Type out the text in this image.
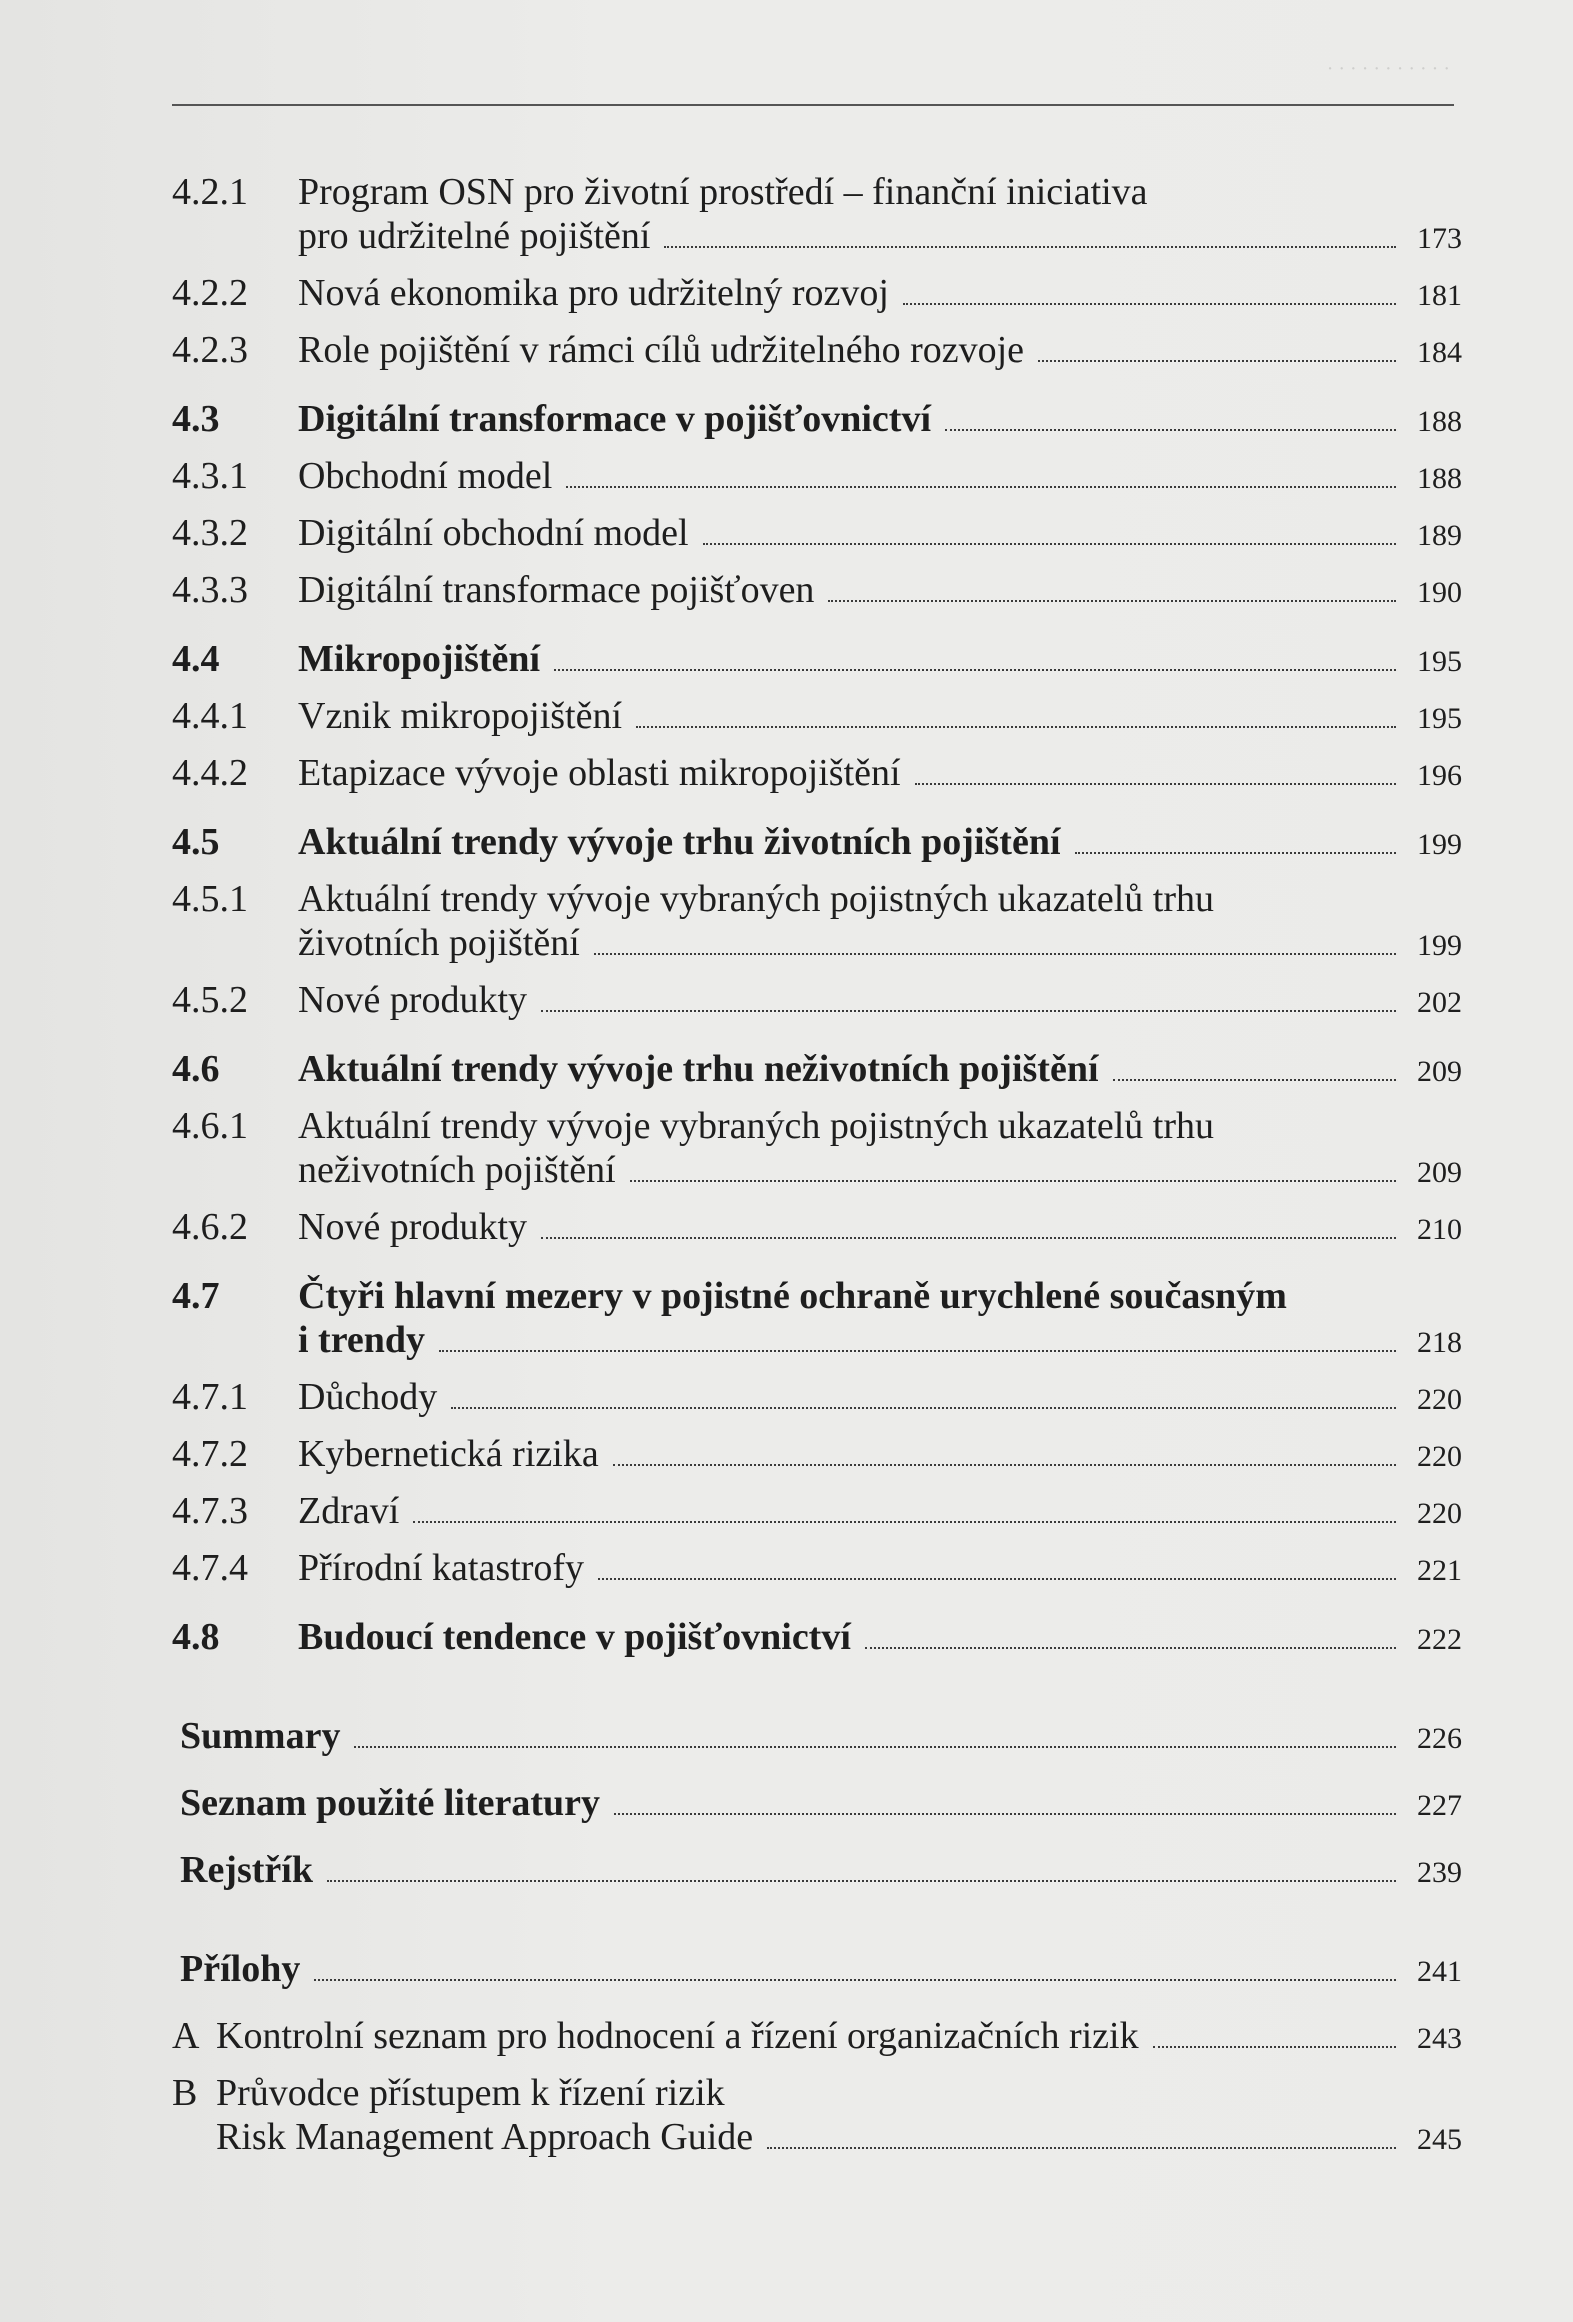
· · · · · · · · · · ·
4.2.1	Program OSN pro životní prostředí – finanční iniciativa
pro udržitelné pojištění	173
4.2.2	Nová ekonomika pro udržitelný rozvoj	181
4.2.3	Role pojištění v rámci cílů udržitelného rozvoje	184
4.3	Digitální transformace v pojišťovnictví	188
4.3.1	Obchodní model	188
4.3.2	Digitální obchodní model	189
4.3.3	Digitální transformace pojišťoven	190
4.4	Mikropojištění	195
4.4.1	Vznik mikropojištění	195
4.4.2	Etapizace vývoje oblasti mikropojištění	196
4.5	Aktuální trendy vývoje trhu životních pojištění	199
4.5.1	Aktuální trendy vývoje vybraných pojistných ukazatelů trhu
životních pojištění	199
4.5.2	Nové produkty	202
4.6	Aktuální trendy vývoje trhu neživotních pojištění	209
4.6.1	Aktuální trendy vývoje vybraných pojistných ukazatelů trhu
neživotních pojištění	209
4.6.2	Nové produkty	210
4.7	Čtyři hlavní mezery v pojistné ochraně urychlené současným
i trendy	218
4.7.1	Důchody	220
4.7.2	Kybernetická rizika	220
4.7.3	Zdraví	220
4.7.4	Přírodní katastrofy	221
4.8	Budoucí tendence v pojišťovnictví	222
Summary	226
Seznam použité literatury	227
Rejstřík	239
Přílohy	241
A Kontrolní seznam pro hodnocení a řízení organizačních rizik	243
B Průvodce přístupem k řízení rizik
Risk Management Approach Guide	245
